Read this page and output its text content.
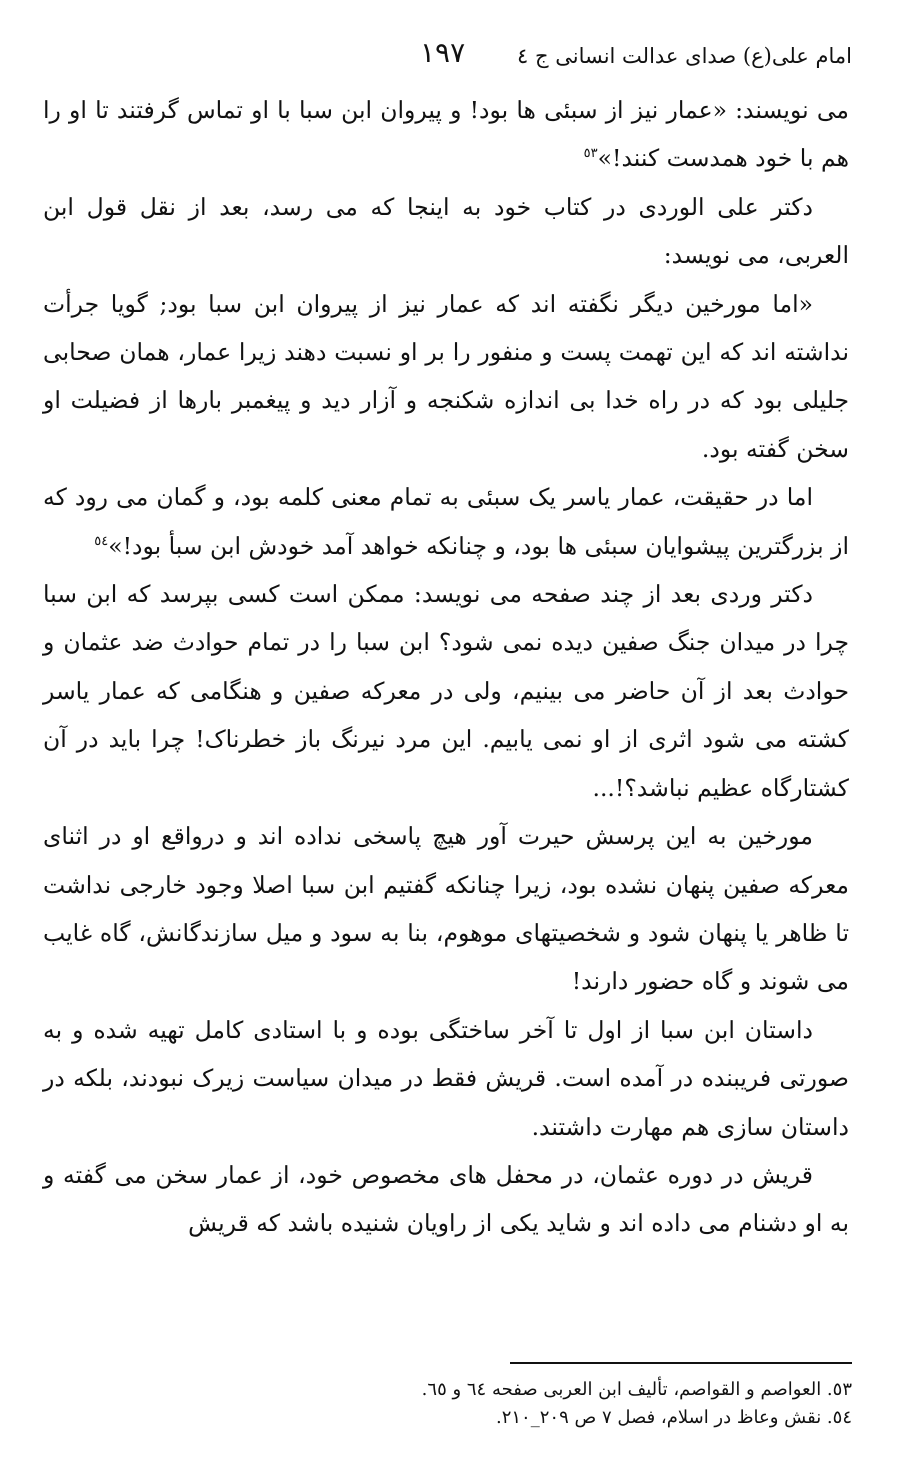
امام علی(ع) صدای عدالت انسانی ج ٤
١٩٧

می نویسند: «عمار نیز از سبئی ها بود! و پیروان ابن سبا با او تماس گرفتند تا او را هم با خود همدست کنند!»$^{٥٣}$

دکتر علی الوردی در کتاب خود به اینجا که می رسد، بعد از نقل قول ابن العربی، می نویسد:

«اما مورخین دیگر نگفته اند که عمار نیز از پیروان ابن سبا بود; گویا جرأت نداشته اند که این تهمت پست و منفور را بر او نسبت دهند زیرا عمار، همان صحابی جلیلی بود که در راه خدا بی اندازه شکنجه و آزار دید و پیغمبر بارها از فضیلت او سخن گفته بود.

اما در حقیقت، عمار یاسر یک سبئی به تمام معنی کلمه بود، و گمان می رود که از بزرگترین پیشوایان سبئی ها بود، و چنانکه خواهد آمد خودش ابن سبأ بود!»$^{٥٤}$

دکتر وردی بعد از چند صفحه می نویسد: ممکن است کسی بپرسد که ابن سبا چرا در میدان جنگ صفین دیده نمی شود؟ ابن سبا را در تمام حوادث ضد عثمان و حوادث بعد از آن حاضر می بینیم، ولی در معرکه صفین و هنگامی که عمار یاسر کشته می شود اثری از او نمی یابیم. این مرد نیرنگ باز خطرناک! چرا باید در آن کشتارگاه عظیم نباشد؟!...

مورخین به این پرسش حیرت آور هیچ پاسخی نداده اند و درواقع او در اثنای معرکه صفین پنهان نشده بود، زیرا چنانکه گفتیم ابن سبا اصلا وجود خارجی نداشت تا ظاهر یا پنهان شود و شخصیتهای موهوم، بنا به سود و میل سازندگانش، گاه غایب می شوند و گاه حضور دارند!

داستان ابن سبا از اول تا آخر ساختگی بوده و با استادی کامل تهیه شده و به صورتی فریبنده در آمده است. قریش فقط در میدان سیاست زیرک نبودند، بلکه در داستان سازی هم مهارت داشتند.

قریش در دوره عثمان، در محفل های مخصوص خود، از عمار سخن می گفته و به او دشنام می داده اند و شاید یکی از راویان شنیده باشد که قریش

٥٣. العواصم و القواصم، تألیف ابن العربی صفحه ٦٤ و ٦٥.

٥٤. نقش وعاظ در اسلام، فصل ٧ ص ٢٠٩_٢١٠.
